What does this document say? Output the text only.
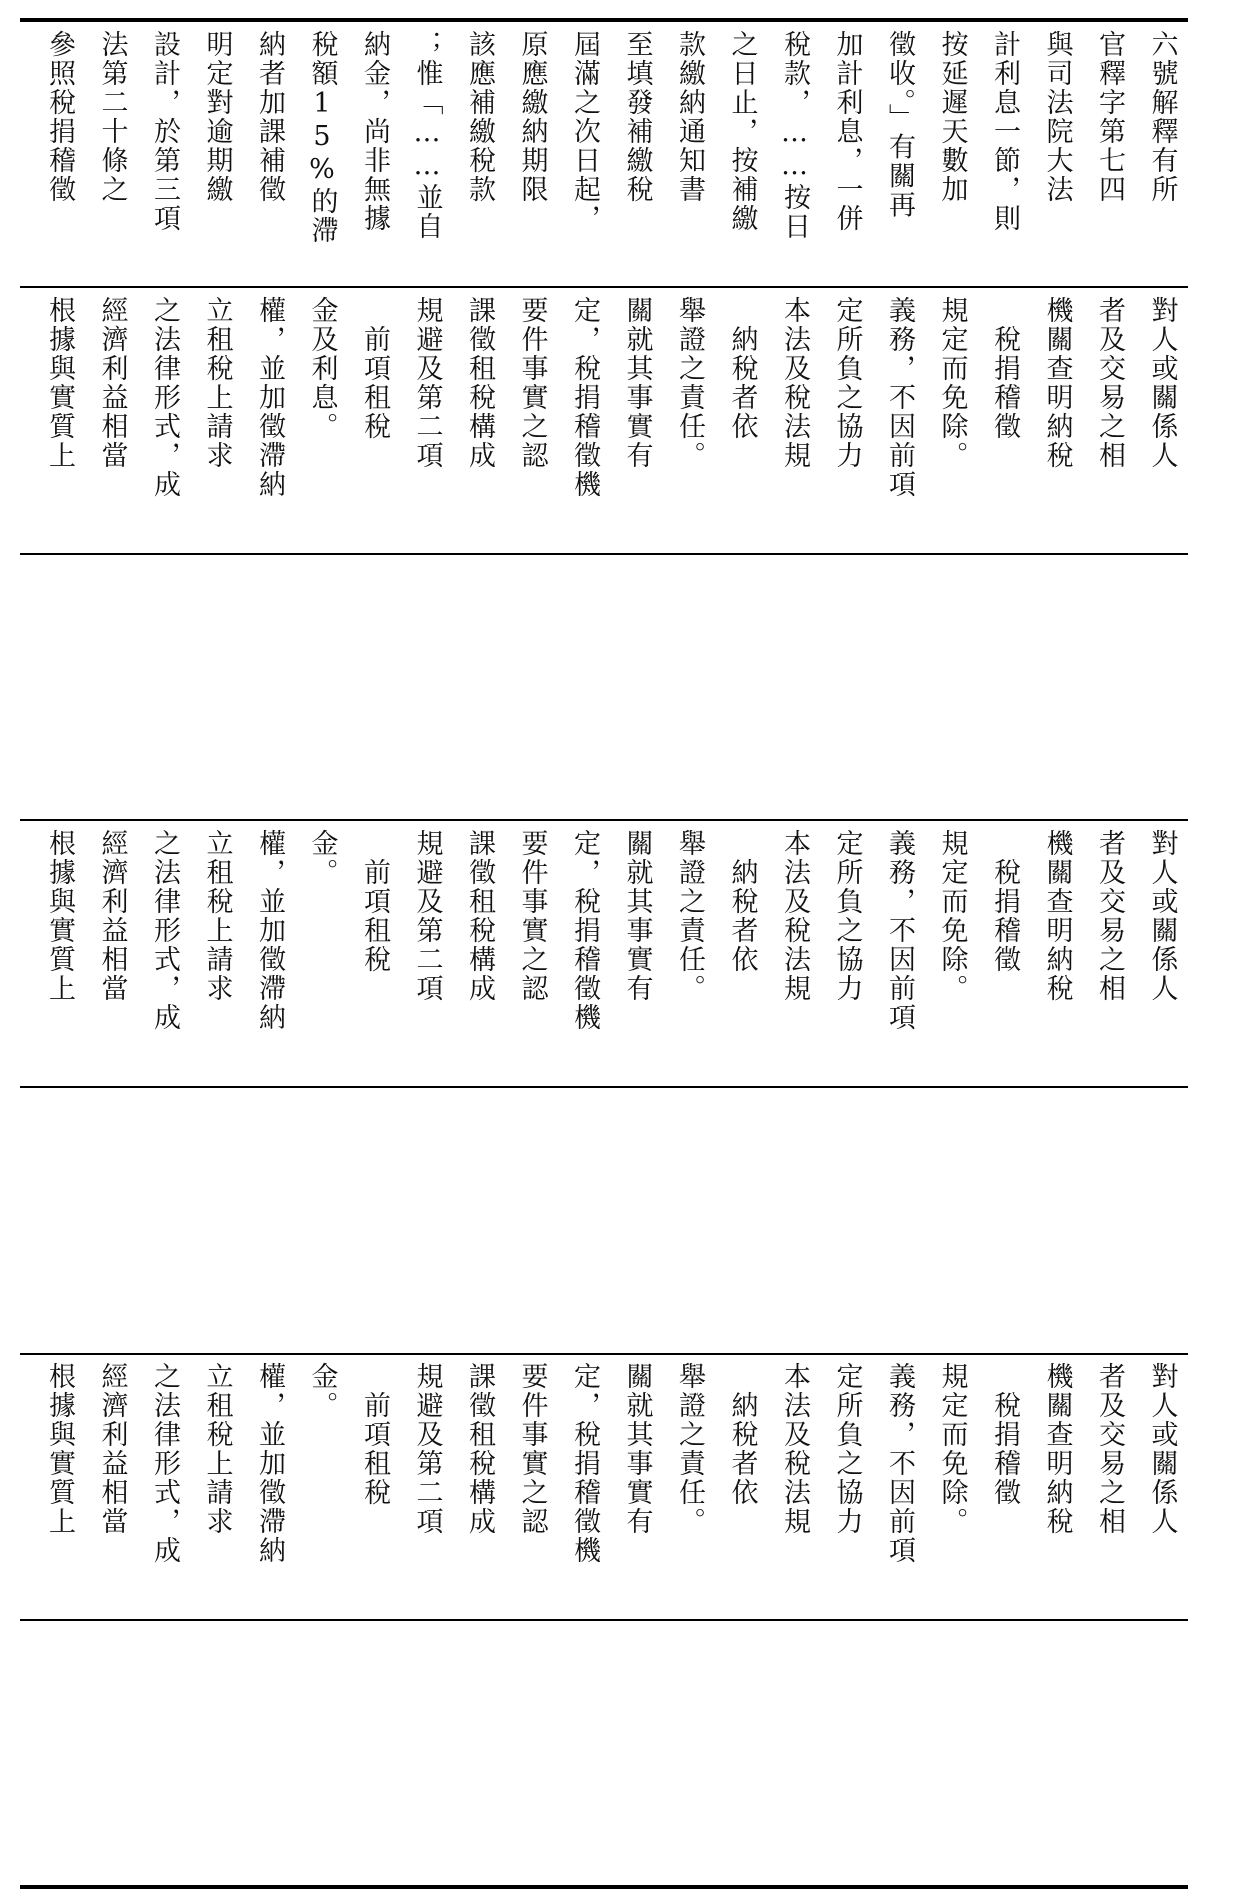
參照稅捐稽徵 法第二十條之 設計，於第三項 明定對逾期繳 納者加課補徵 稅額15%的滯 納金，尚非無據 ；惟「……並自 該應補繳稅款 原應繳納期限 屆滿之次日起， 至填發補繳稅 款繳納通知書 之日止，按補繳 稅款，……按日 加計利息，一併 徵收。」有關再 按延遲天數加 計利息一節，則 與司法院大法 官釋字第七四 六號解釋有所
根據與實質上 經濟利益相當 之法律形式，成 立租稅上請求 權，並加徵滯納 金及利息。 　前項租稅 規避及第二項 課徵租稅構成 要件事實之認 定，稅捐稽徵機 關就其事實有 舉證之責任。 　納稅者依 本法及稅法規 定所負之協力 義務，不因前項 規定而免除。 　稅捐稽徵 機關查明納稅 者及交易之相 對人或關係人
根據與實質上 經濟利益相當 之法律形式，成 立租稅上請求 權，並加徵滯納 金。 　前項租稅 規避及第二項 課徵租稅構成 要件事實之認 定，稅捐稽徵機 關就其事實有 舉證之責任。 　納稅者依 本法及稅法規 定所負之協力 義務，不因前項 規定而免除。 　稅捐稽徵 機關查明納稅 者及交易之相 對人或關係人
根據與實質上 經濟利益相當 之法律形式，成 立租稅上請求 權，並加徵滯納 金。 　前項租稅 規避及第二項 課徵租稅構成 要件事實之認 定，稅捐稽徵機 關就其事實有 舉證之責任。 　納稅者依 本法及稅法規 定所負之協力 義務，不因前項 規定而免除。 　稅捐稽徵 機關查明納稅 者及交易之相 對人或關係人
